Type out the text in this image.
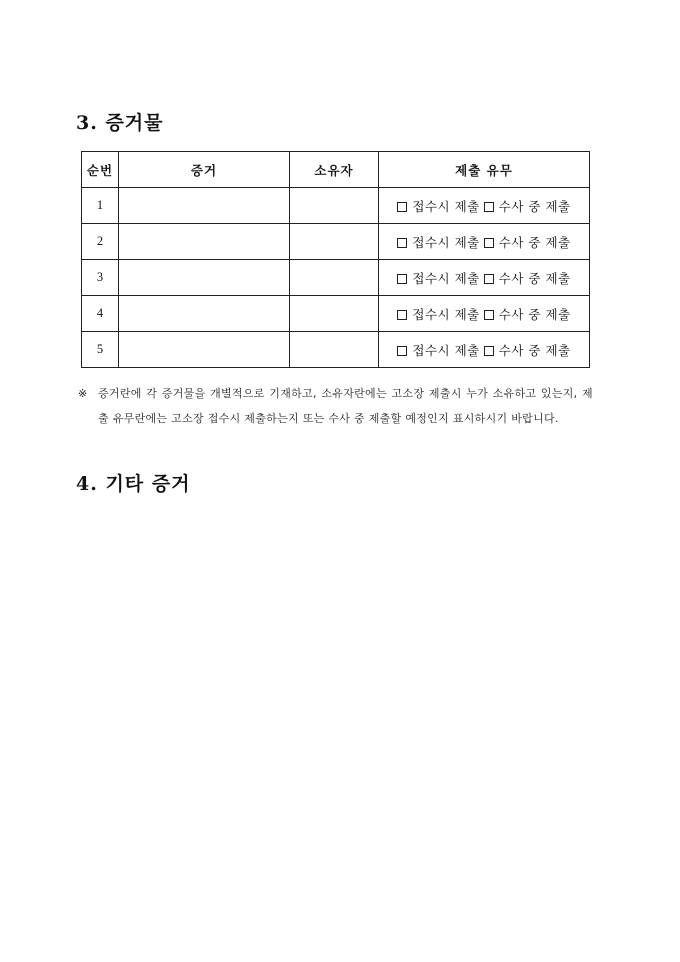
3. 증거물
순번	증거	소유자	제출 유무
1			접수시 제출 수사 중 제출
2			접수시 제출 수사 중 제출
3			접수시 제출 수사 중 제출
4			접수시 제출 수사 중 제출
5			접수시 제출 수사 중 제출
※ 증거란에 각 증거물을 개별적으로 기재하고, 소유자란에는 고소장 제출시 누가 소유하고 있는지, 제출 유무란에는 고소장 접수시 제출하는지 또는 수사 중 제출할 예정인지 표시하시기 바랍니다.
4. 기타 증거
